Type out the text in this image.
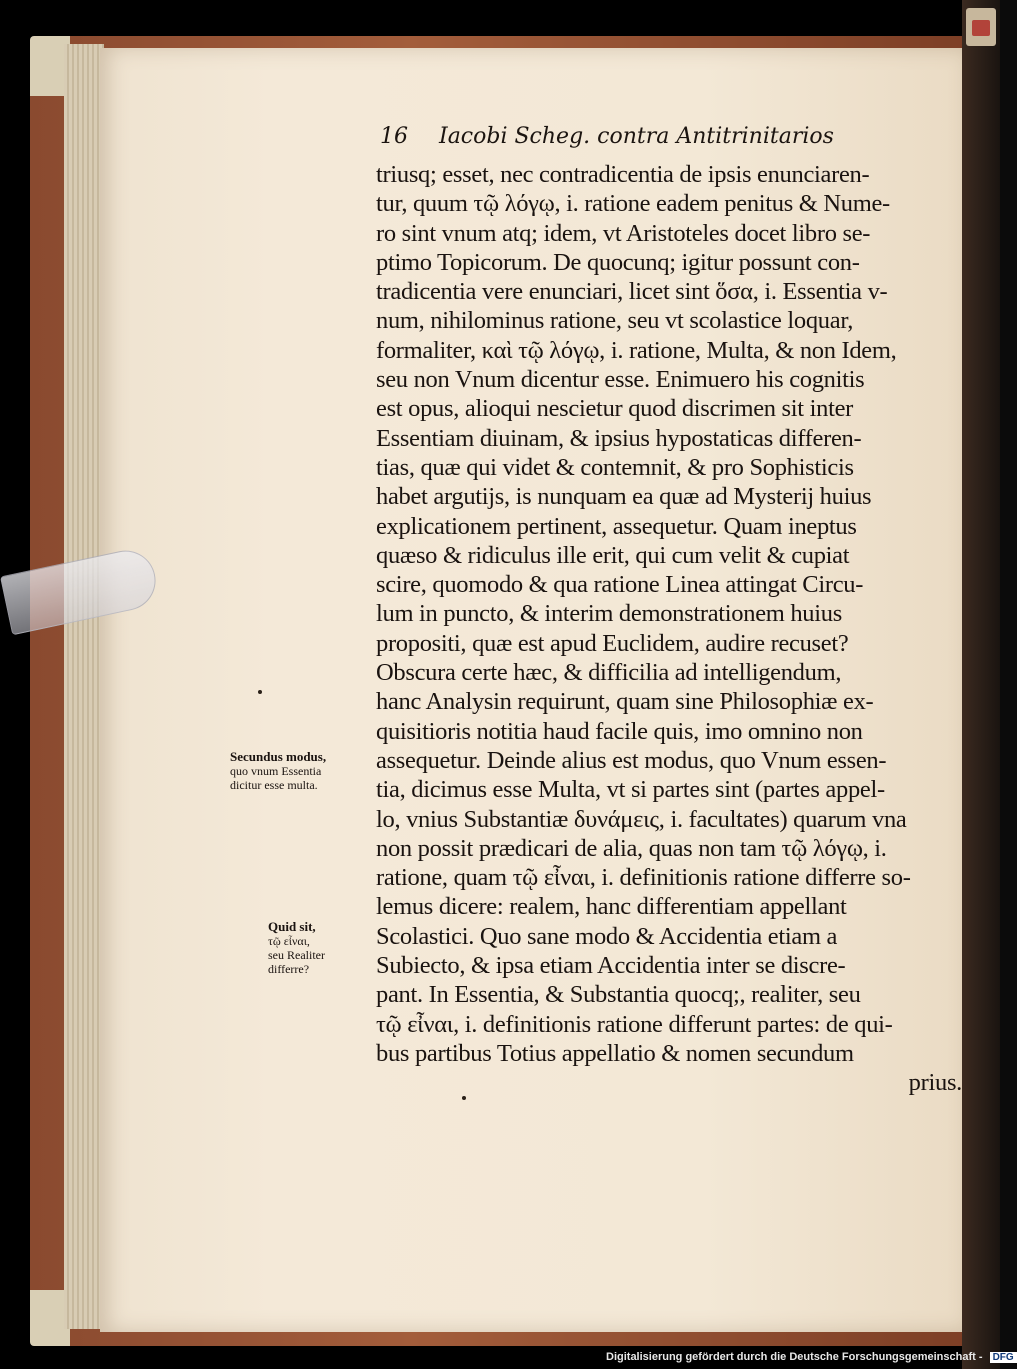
16 Iacobi Scheg. contra Antitrinitarios
triusq; esset, nec contradicentia de ipsis enunciaren-
tur, quum τῷ λόγῳ, i. ratione eadem penitus & Nume-
ro sint vnum atq; idem, vt Aristoteles docet libro se-
ptimo Topicorum. De quocunq; igitur possunt con-
tradicentia vere enunciari, licet sint ὅσα, i. Essentia v-
num, nihilominus ratione, seu vt scolastice loquar,
formaliter, καὶ τῷ λόγῳ, i. ratione, Multa, & non Idem,
seu non Vnum dicentur esse. Enimuero his cognitis
est opus, alioqui nescietur quod discrimen sit inter
Essentiam diuinam, & ipsius hypostaticas differen-
tias, quæ qui videt & contemnit, & pro Sophisticis
habet argutijs, is nunquam ea quæ ad Mysterij huius
explicationem pertinent, assequetur. Quam ineptus
quæso & ridiculus ille erit, qui cum velit & cupiat
scire, quomodo & qua ratione Linea attingat Circu-
lum in puncto, & interim demonstrationem huius
propositi, quæ est apud Euclidem, audire recuset?
Obscura certe hæc, & difficilia ad intelligendum,
hanc Analysin requirunt, quam sine Philosophiæ ex-
quisitioris notitia haud facile quis, imo omnino non
assequetur. Deinde alius est modus, quo Vnum essen-
tia, dicimus esse Multa, vt si partes sint (partes appel-
lo, vnius Substantiæ δυνάμεις, i. facultates) quarum vna
non possit prædicari de alia, quas non tam τῷ λόγῳ, i.
ratione, quam τῷ εἶναι, i. definitionis ratione differre so-
lemus dicere: realem, hanc differentiam appellant
Scolastici. Quo sane modo & Accidentia etiam a
Subiecto, & ipsa etiam Accidentia inter se discre-
pant. In Essentia, & Substantia quocq;, realiter, seu
τῷ εἶναι, i. definitionis ratione differunt partes: de qui-
bus partibus Totius appellatio & nomen secundum
prius.
Secundus modus,
quo vnum Essentia
dicitur esse multa.
Quid sit,
τῷ εἶναι,
seu Realiter
differre?
Digitalisierung gefördert durch die Deutsche Forschungsgemeinschaft - DFG
